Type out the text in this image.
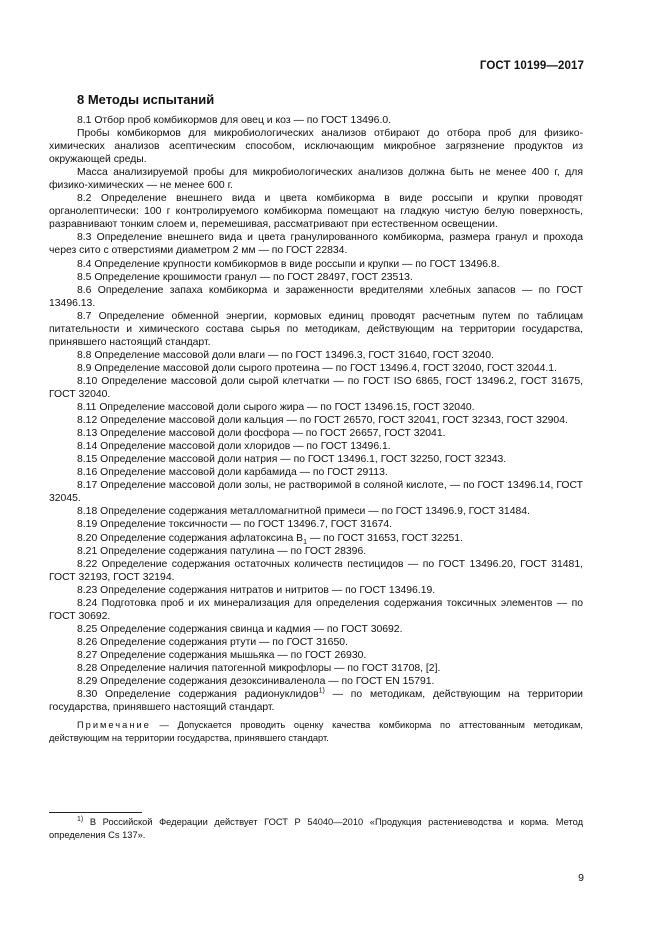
ГОСТ 10199—2017
8 Методы испытаний

8.1 Отбор проб комбикормов для овец и коз — по ГОСТ 13496.0.

Пробы комбикормов для микробиологических анализов отбирают до отбора проб для физико-химических анализов асептическим способом, исключающим микробное загрязнение продуктов из окружающей среды.

Масса анализируемой пробы для микробиологических анализов должна быть не менее 400 г, для физико-химических — не менее 600 г.

8.2 Определение внешнего вида и цвета комбикорма в виде россыпи и крупки проводят органолептически: 100 г контролируемого комбикорма помещают на гладкую чистую белую поверхность, разравнивают тонким слоем и, перемешивая, рассматривают при естественном освещении.

8.3 Определение внешнего вида и цвета гранулированного комбикорма, размера гранул и прохода через сито с отверстиями диаметром 2 мм — по ГОСТ 22834.

8.4 Определение крупности комбикормов в виде россыпи и крупки — по ГОСТ 13496.8.

8.5 Определение крошимости гранул — по ГОСТ 28497, ГОСТ 23513.

8.6 Определение запаха комбикорма и зараженности вредителями хлебных запасов — по ГОСТ 13496.13.

8.7 Определение обменной энергии, кормовых единиц проводят расчетным путем по таблицам питательности и химического состава сырья по методикам, действующим на территории государства, принявшего настоящий стандарт.

8.8 Определение массовой доли влаги — по ГОСТ 13496.3, ГОСТ 31640, ГОСТ 32040.

8.9 Определение массовой доли сырого протеина — по ГОСТ 13496.4, ГОСТ 32040, ГОСТ 32044.1.

8.10 Определение массовой доли сырой клетчатки — по ГОСТ ISO 6865, ГОСТ 13496.2, ГОСТ 31675, ГОСТ 32040.

8.11 Определение массовой доли сырого жира — по ГОСТ 13496.15, ГОСТ 32040.

8.12 Определение массовой доли кальция — по ГОСТ 26570, ГОСТ 32041, ГОСТ 32343, ГОСТ 32904.

8.13 Определение массовой доли фосфора — по ГОСТ 26657, ГОСТ 32041.

8.14 Определение массовой доли хлоридов — по ГОСТ 13496.1.

8.15 Определение массовой доли натрия — по ГОСТ 13496.1, ГОСТ 32250, ГОСТ 32343.

8.16 Определение массовой доли карбамида — по ГОСТ 29113.

8.17 Определение массовой доли золы, не растворимой в соляной кислоте, — по ГОСТ 13496.14, ГОСТ 32045.

8.18 Определение содержания металломагнитной примеси — по ГОСТ 13496.9, ГОСТ 31484.

8.19 Определение токсичности — по ГОСТ 13496.7, ГОСТ 31674.

8.20 Определение содержания афлатоксина $B_1$ — по ГОСТ 31653, ГОСТ 32251.

8.21 Определение содержания патулина — по ГОСТ 28396.

8.22 Определение содержания остаточных количеств пестицидов — по ГОСТ 13496.20, ГОСТ 31481, ГОСТ 32193, ГОСТ 32194.

8.23 Определение содержания нитратов и нитритов — по ГОСТ 13496.19.

8.24 Подготовка проб и их минерализация для определения содержания токсичных элементов — по ГОСТ 30692.

8.25 Определение содержания свинца и кадмия — по ГОСТ 30692.

8.26 Определение содержания ртути — по ГОСТ 31650.

8.27 Определение содержания мышьяка — по ГОСТ 26930.

8.28 Определение наличия патогенной микрофлоры — по ГОСТ 31708, [2].

8.29 Определение содержания дезоксиниваленола — по ГОСТ EN 15791.

8.30 Определение содержания радионуклидов$^{1)}$ — по методикам, действующим на территории государства, принявшего настоящий стандарт.

Примечание — Допускается проводить оценку качества комбикорма по аттестованным методикам, действующим на территории государства, принявшего стандарт.

$^{1)}$ В Российской Федерации действует ГОСТ Р 54040—2010 «Продукция растениеводства и корма. Метод определения Cs 137».

9
